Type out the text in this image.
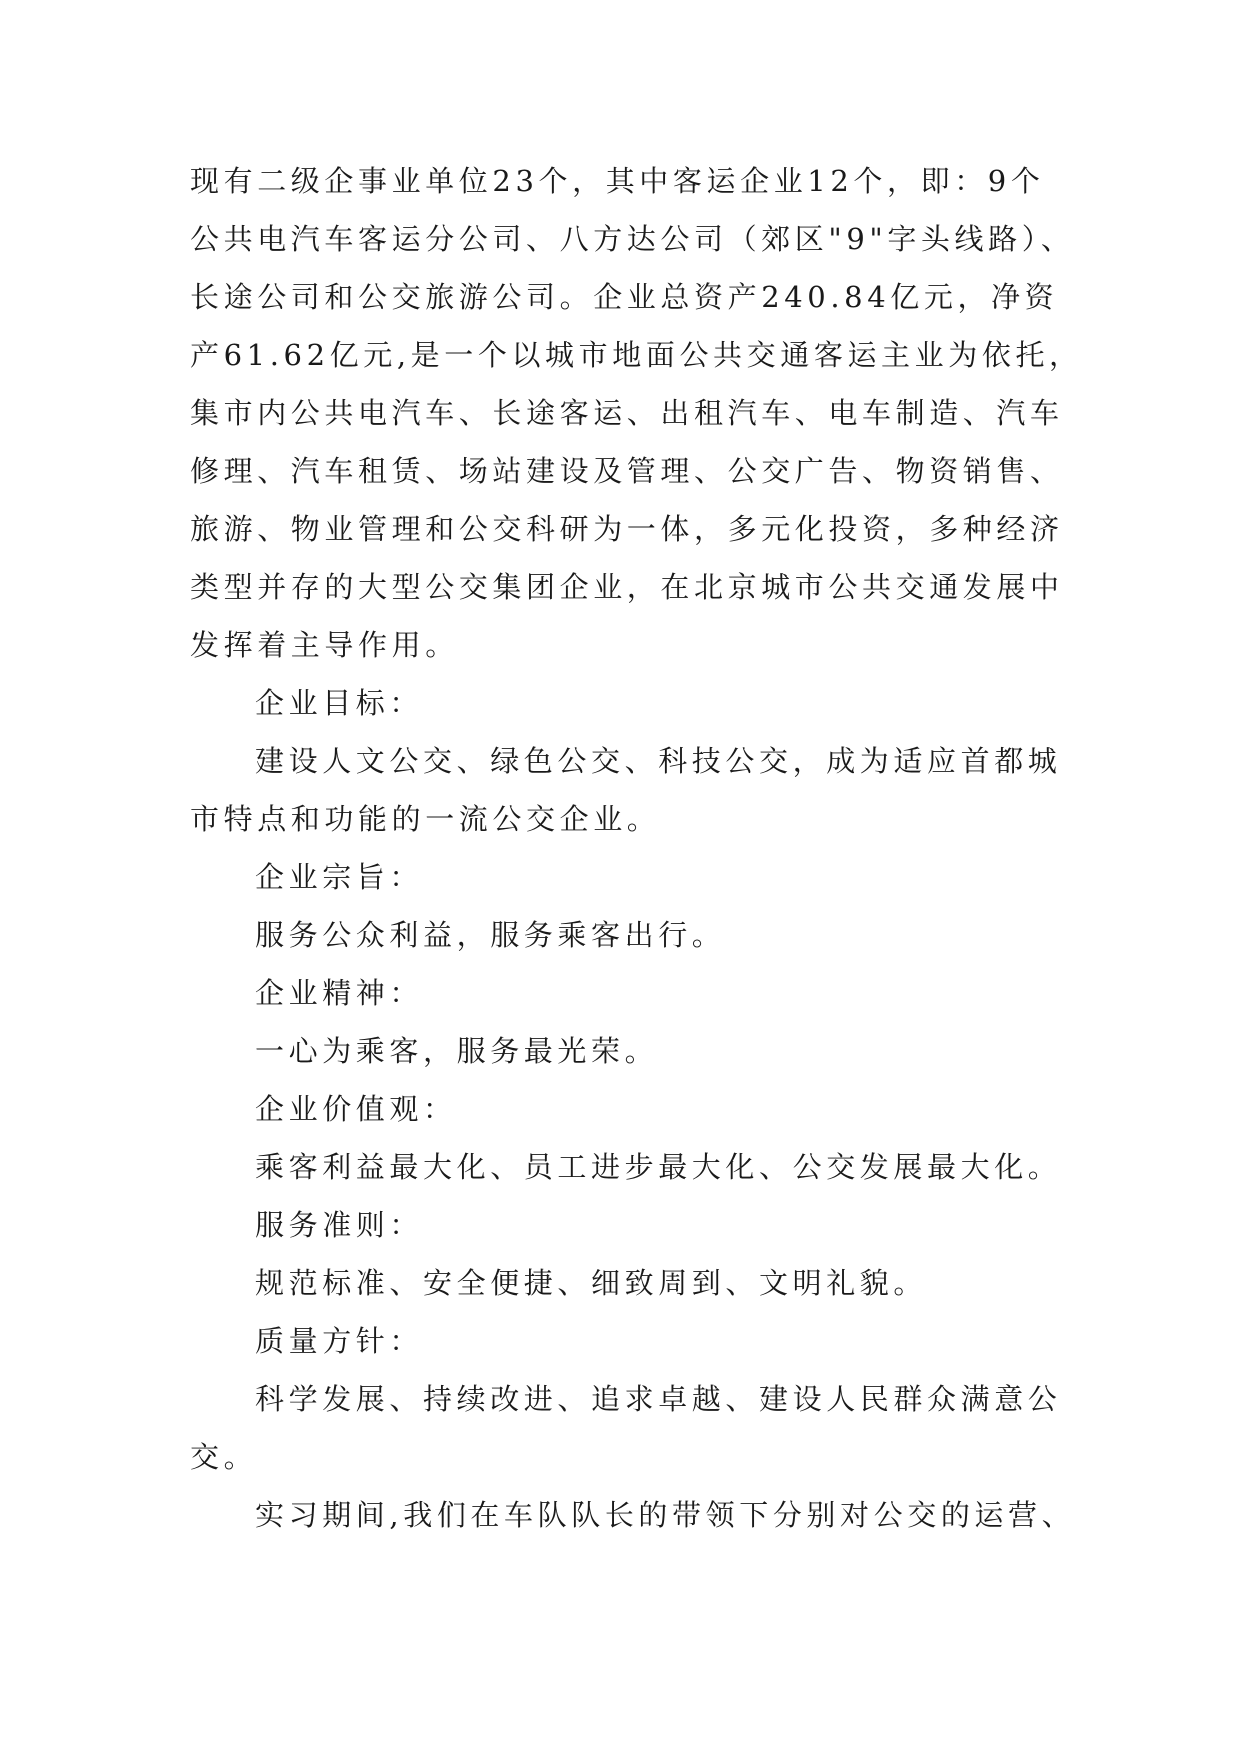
现有二级企事业单位23个，其中客运企业12个，即：9个

公共电汽车客运分公司、八方达公司（郊区"9"字头线路）、

长途公司和公交旅游公司。企业总资产240.84亿元，净资

产61.62亿元,是一个以城市地面公共交通客运主业为依托，

集市内公共电汽车、长途客运、出租汽车、电车制造、汽车

修理、汽车租赁、场站建设及管理、公交广告、物资销售、

旅游、物业管理和公交科研为一体，多元化投资，多种经济

类型并存的大型公交集团企业，在北京城市公共交通发展中

发挥着主导作用。

企业目标：

建设人文公交、绿色公交、科技公交，成为适应首都城

市特点和功能的一流公交企业。

企业宗旨：

服务公众利益，服务乘客出行。

企业精神：

一心为乘客，服务最光荣。

企业价值观：

乘客利益最大化、员工进步最大化、公交发展最大化。

服务准则：

规范标准、安全便捷、细致周到、文明礼貌。

质量方针：

科学发展、持续改进、追求卓越、建设人民群众满意公

交。

实习期间,我们在车队队长的带领下分别对公交的运营、
